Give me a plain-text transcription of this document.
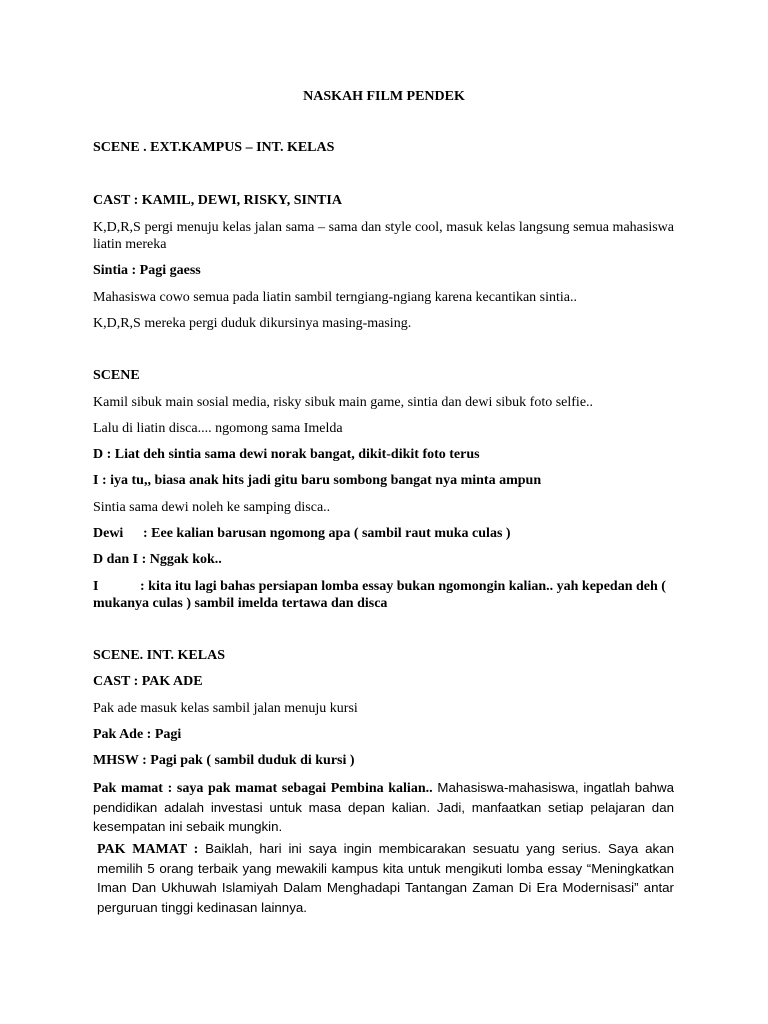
NASKAH FILM PENDEK
SCENE . EXT.KAMPUS – INT. KELAS
CAST : KAMIL, DEWI, RISKY, SINTIA
K,D,R,S pergi menuju kelas jalan sama – sama dan style cool, masuk kelas langsung semua mahasiswa liatin mereka
Sintia : Pagi gaess
Mahasiswa cowo semua pada liatin sambil terngiang-ngiang karena kecantikan sintia..
K,D,R,S mereka pergi duduk dikursinya masing-masing.
SCENE
Kamil sibuk main sosial media, risky sibuk main game, sintia dan dewi sibuk foto selfie..
Lalu di liatin disca.... ngomong sama Imelda
D : Liat deh sintia sama dewi norak bangat, dikit-dikit foto terus
I : iya tu,, biasa anak hits jadi gitu baru sombong bangat nya minta ampun
Sintia sama dewi noleh ke samping disca..
Dewi : Eee kalian barusan ngomong apa ( sambil raut muka culas )
D dan I : Nggak kok..
I	: kita itu lagi bahas persiapan lomba essay bukan ngomongin kalian.. yah kepedan deh (
mukanya culas ) sambil imelda tertawa dan disca
SCENE. INT. KELAS
CAST : PAK ADE
Pak ade masuk kelas sambil jalan menuju kursi
Pak Ade : Pagi
MHSW : Pagi pak ( sambil duduk di kursi )
Pak mamat : saya pak mamat sebagai Pembina kalian.. Mahasiswa-mahasiswa, ingatlah bahwa pendidikan adalah investasi untuk masa depan kalian. Jadi, manfaatkan setiap pelajaran dan kesempatan ini sebaik mungkin.
PAK MAMAT : Baiklah, hari ini saya ingin membicarakan sesuatu yang serius. Saya akan memilih 5 orang terbaik yang mewakili kampus kita untuk mengikuti lomba essay “Meningkatkan Iman Dan Ukhuwah Islamiyah Dalam Menghadapi Tantangan Zaman Di Era Modernisasi” antar perguruan tinggi kedinasan lainnya.
